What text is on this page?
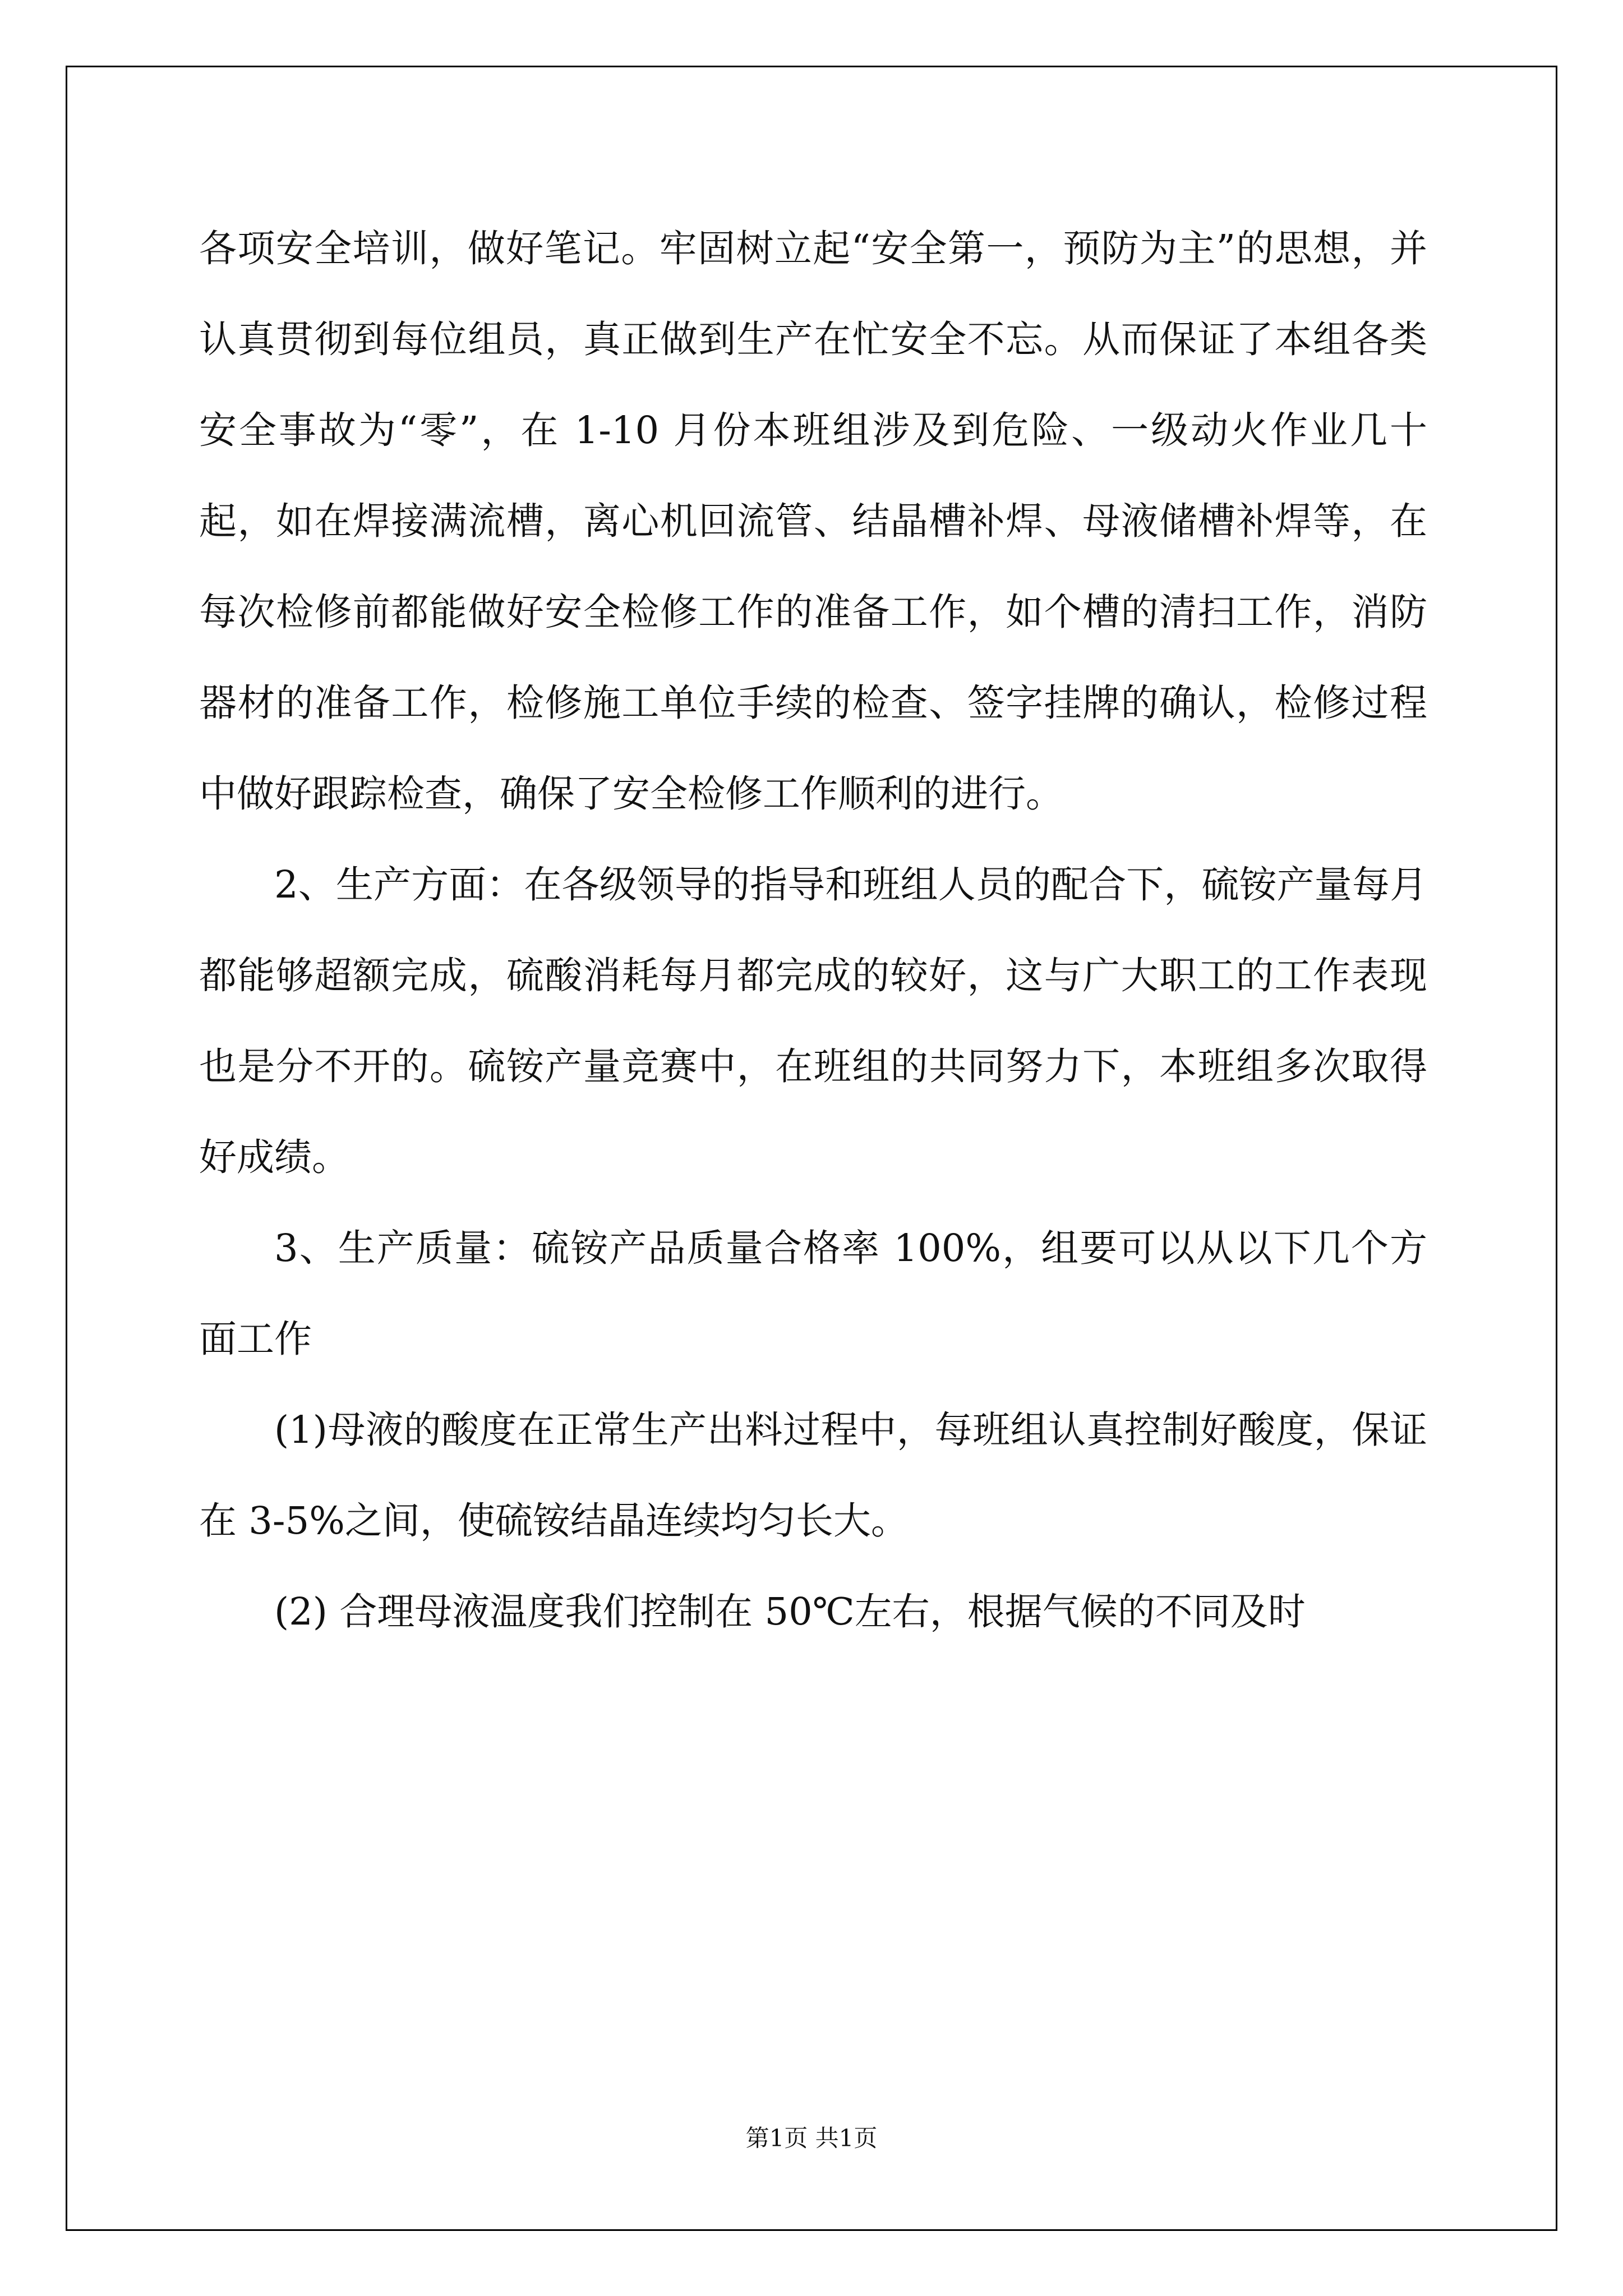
各项安全培训，做好笔记。牢固树立起“安全第一，预防为主”的思想，并认真贯彻到每位组员，真正做到生产在忙安全不忘。从而保证了本组各类安全事故为“零”，在 1-10 月份本班组涉及到危险、一级动火作业几十起，如在焊接满流槽，离心机回流管、结晶槽补焊、母液储槽补焊等，在每次检修前都能做好安全检修工作的准备工作，如个槽的清扫工作，消防器材的准备工作，检修施工单位手续的检查、签字挂牌的确认，检修过程中做好跟踪检查，确保了安全检修工作顺利的进行。

2、生产方面：在各级领导的指导和班组人员的配合下，硫铵产量每月都能够超额完成，硫酸消耗每月都完成的较好，这与广大职工的工作表现也是分不开的。硫铵产量竞赛中，在班组的共同努力下，本班组多次取得好成绩。

3、生产质量：硫铵产品质量合格率 100%，组要可以从以下几个方面工作

(1)母液的酸度在正常生产出料过程中，每班组认真控制好酸度，保证在 3-5%之间，使硫铵结晶连续均匀长大。

(2) 合理母液温度我们控制在 50℃左右，根据气候的不同及时

第1页 共1页
